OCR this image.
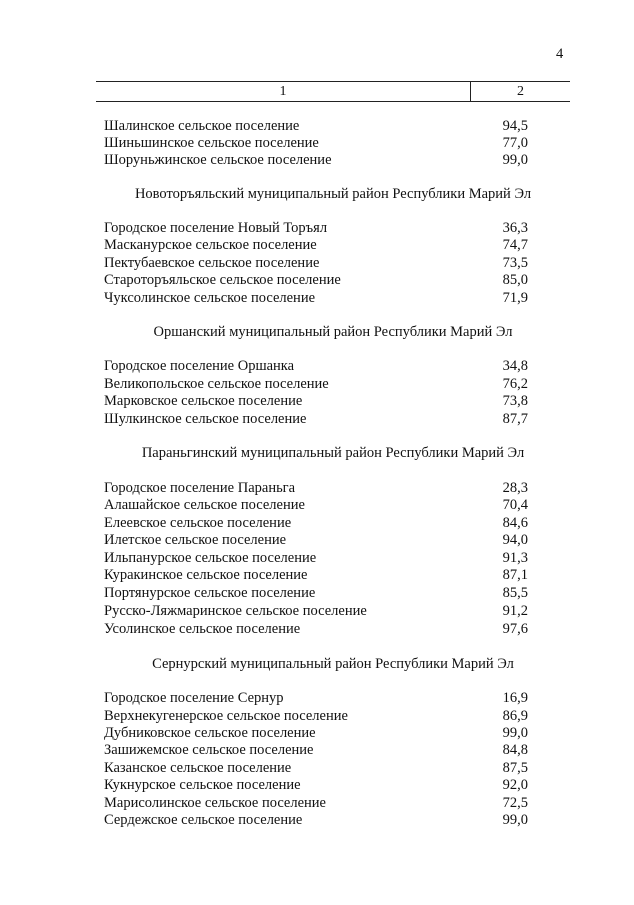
4
1	2
Шалинское сельское поселение	94,5
Шиньшинское сельское поселение	77,0
Шоруньжинское сельское поселение	99,0
Новоторъяльский муниципальный район Республики Марий Эл
Городское поселение Новый Торъял	36,3
Масканурское сельское поселение	74,7
Пектубаевское сельское поселение	73,5
Староторъяльское сельское поселение	85,0
Чуксолинское сельское поселение	71,9
Оршанский муниципальный район Республики Марий Эл
Городское поселение Оршанка	34,8
Великопольское сельское поселение	76,2
Марковское сельское поселение	73,8
Шулкинское сельское поселение	87,7
Параньгинский муниципальный район Республики Марий Эл
Городское поселение Параньга	28,3
Алашайское сельское поселение	70,4
Елеевское сельское поселение	84,6
Илетское сельское поселение	94,0
Ильпанурское сельское поселение	91,3
Куракинское сельское поселение	87,1
Портянурское сельское поселение	85,5
Русско-Ляжмаринское сельское поселение	91,2
Усолинское сельское поселение	97,6
Сернурский муниципальный район Республики Марий Эл
Городское поселение Сернур	16,9
Верхнекугенерское сельское поселение	86,9
Дубниковское сельское поселение	99,0
Зашижемское сельское поселение	84,8
Казанское сельское поселение	87,5
Кукнурское сельское поселение	92,0
Марисолинское сельское поселение	72,5
Сердежское сельское поселение	99,0
